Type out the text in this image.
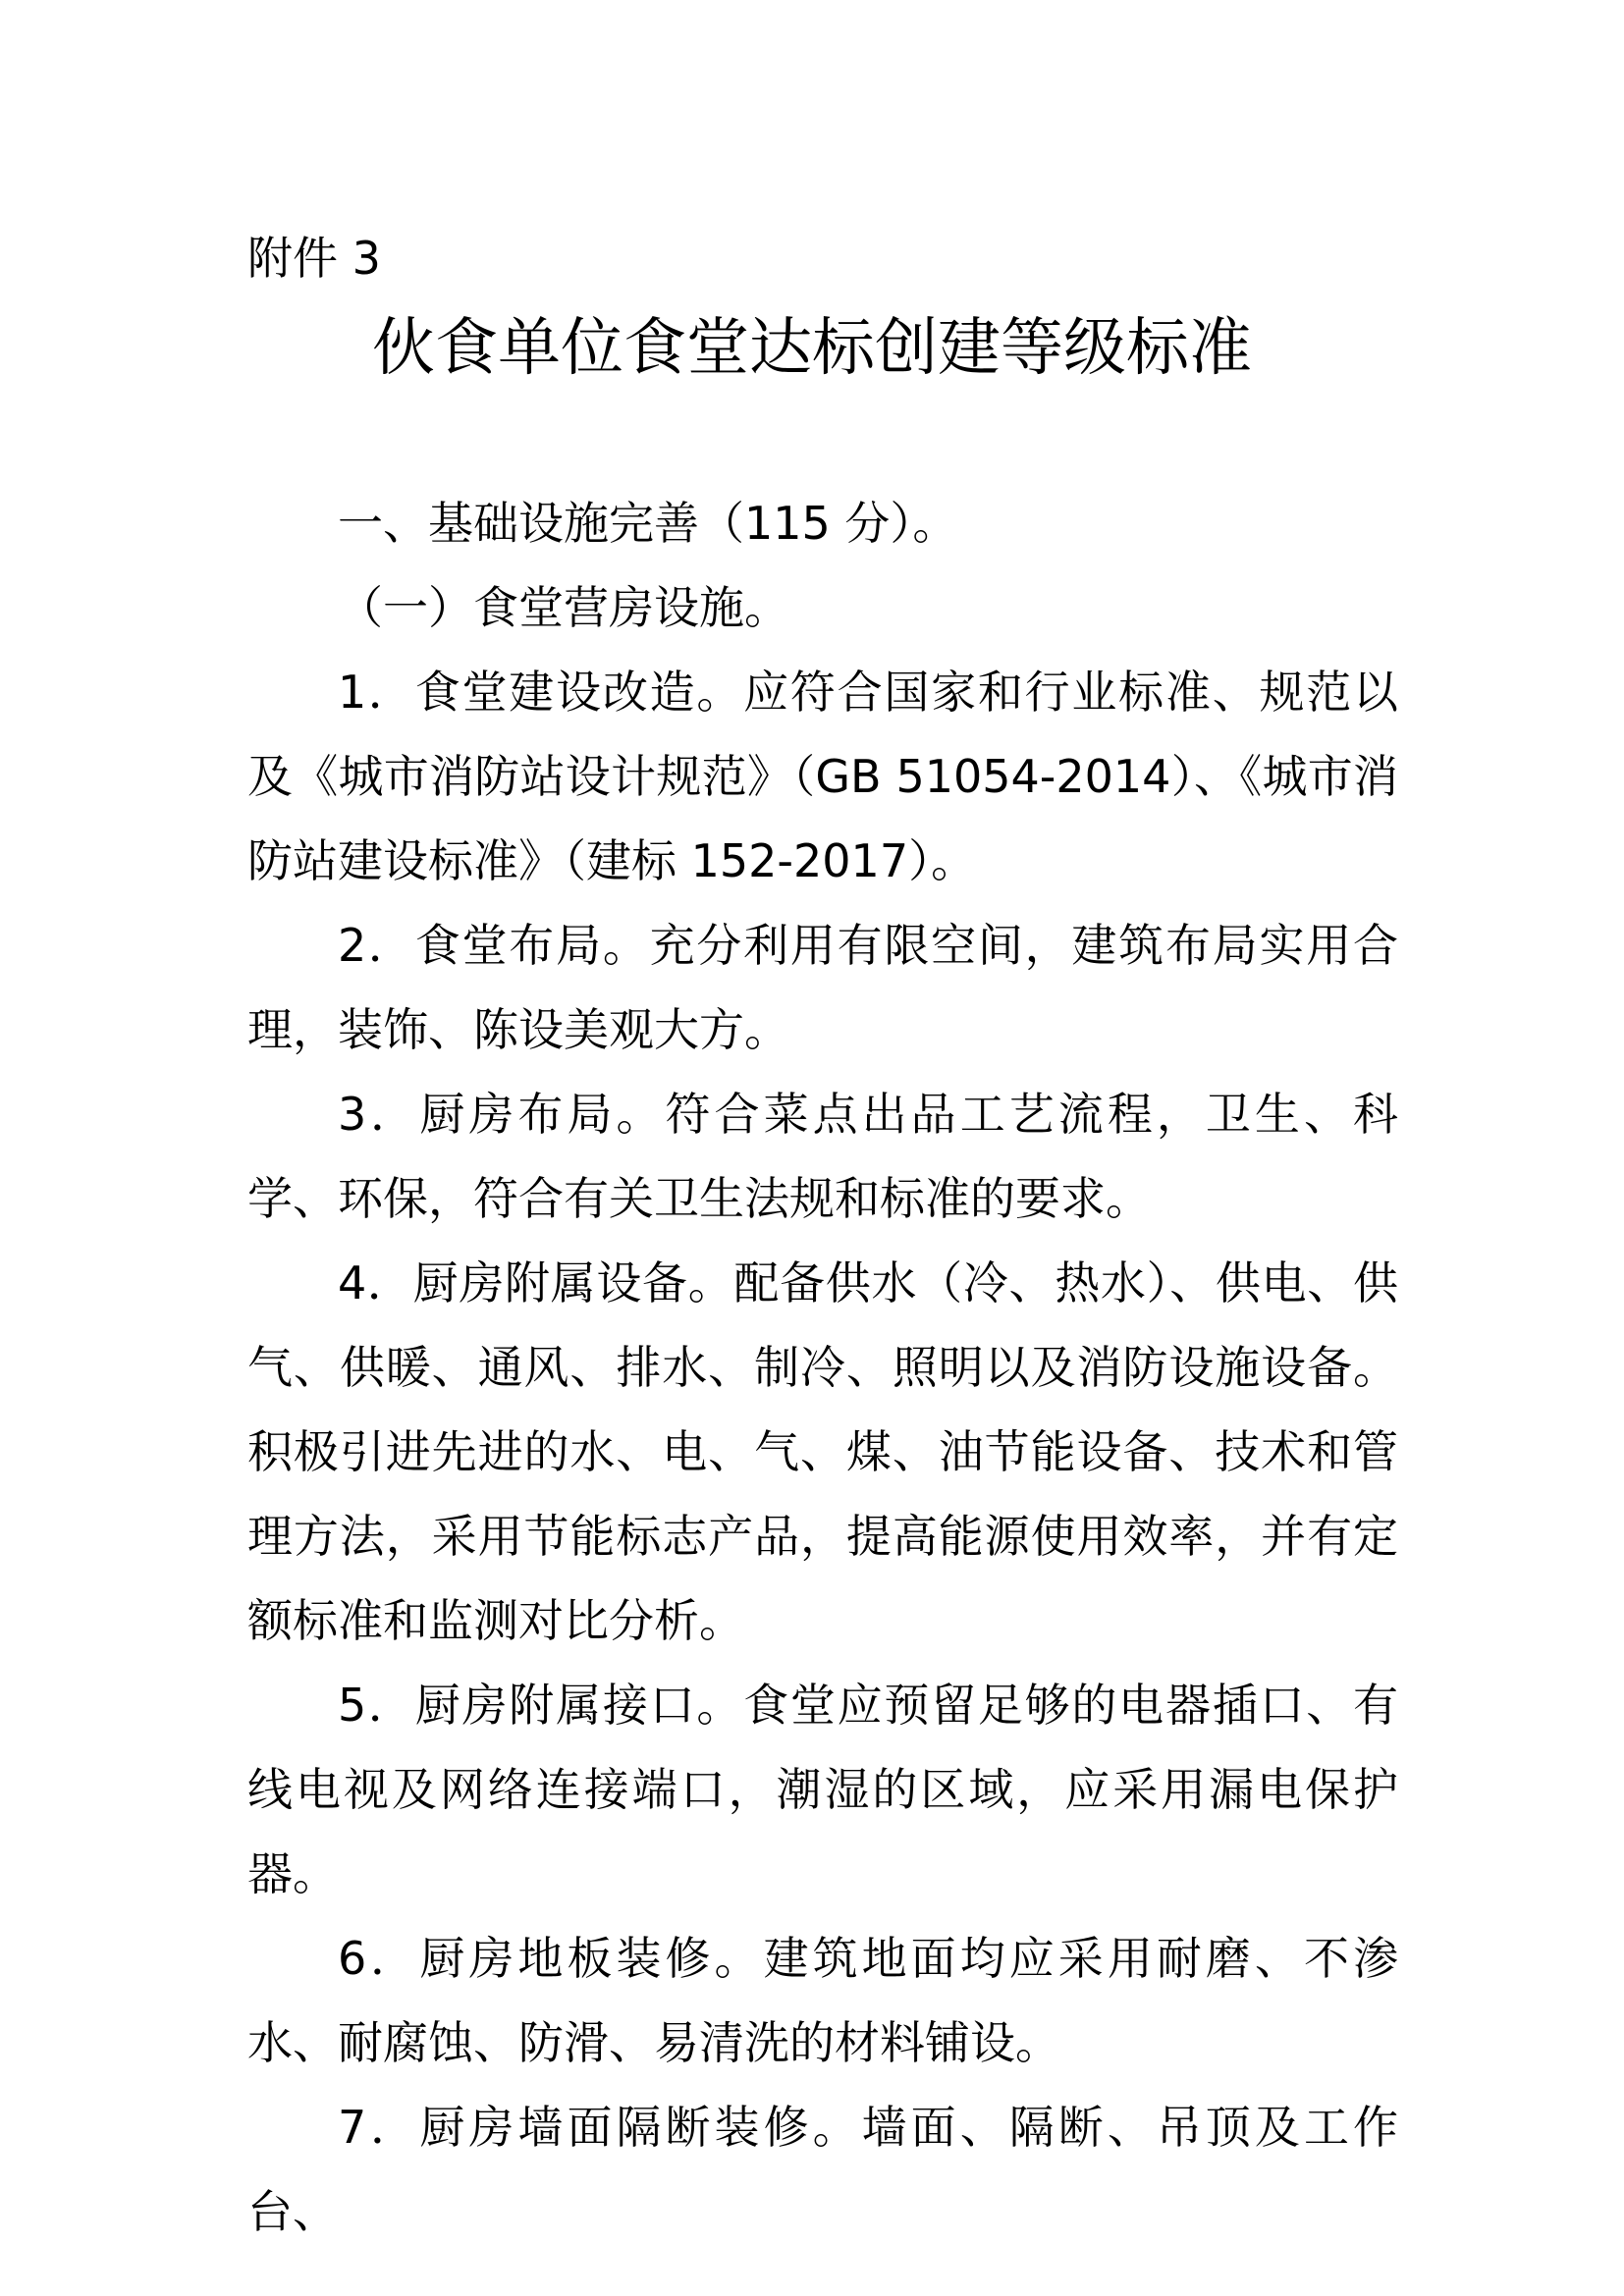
附件 3
伙食单位食堂达标创建等级标准

一、基础设施完善（115 分）。

（一）食堂营房设施。

1．食堂建设改造。应符合国家和行业标准、规范以及《城市消防站设计规范》（GB 51054-2014）、《城市消防站建设标准》（建标 152-2017）。

2．食堂布局。充分利用有限空间，建筑布局实用合理，装饰、陈设美观大方。

3．厨房布局。符合菜点出品工艺流程，卫生、科学、环保，符合有关卫生法规和标准的要求。

4．厨房附属设备。配备供水（冷、热水）、供电、供气、供暖、通风、排水、制冷、照明以及消防设施设备。积极引进先进的水、电、气、煤、油节能设备、技术和管理方法，采用节能标志产品，提高能源使用效率，并有定额标准和监测对比分析。

5．厨房附属接口。食堂应预留足够的电器插口、有线电视及网络连接端口，潮湿的区域，应采用漏电保护器。

6．厨房地板装修。建筑地面均应采用耐磨、不渗水、耐腐蚀、防滑、易清洗的材料铺设。

7．厨房墙面隔断装修。墙面、隔断、吊顶及工作台、
